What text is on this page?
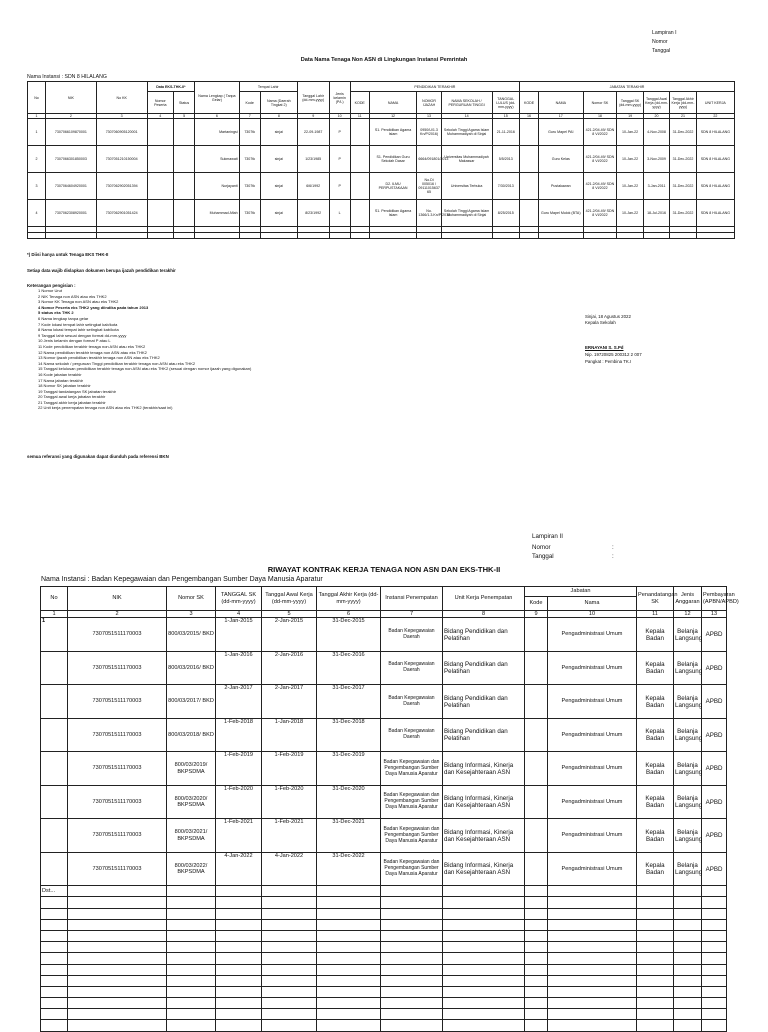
Lampiran I
Nomor
Tanggal
Data Nama Tenaga Non ASN di Lingkungan Instansi Pemrintah
Nama Instansi : SDN 8 HILALANG
No	NIK	No KK	Data EKS-THK-II*		Nama Lengkap ( Tanpa Gelar)	Tempat Lahir		Tanggal Lahir (dd-mm-yyyy)	Jenis kelamin (P/L)	PENDIDIKAN TERAKHIR					JABATAN TERAKHIR						
			Nomor Peserta	Status		Kode	Nama (Daerah Tingkat 2)			KODE	NAMA	NOMOR IJAZAH	NAMA SEKOLAH / PERGURUAN TINGGI	TANGGAL LULUS (dd-mm-yyyy)	KODE	NAMA	Nomor SK	Tanggal SK (dd-mm-yyyy)	Tanggal Awal Kerja (dd-mm-yyyy)	Tanggal Akhir Kerja (dd-mm-yyyy)	UNIT KERJA
1	2	3	4	5	6	7	8	9	10	11	12	13	14	15	16	17	18	19	20	21	22
1	7307066109870001	7307060905120001			Martaningsi	7307tk	sinjai	22-09-1987	P		S1. Pendidikan Agama Islam	0950/U/1.3 Kn/P/2016)	Sekolah Tinggi Agama Islam Muhammadiyah di Sinjai	21-11-2016		Guru Mapel PAI	421.2/04.49/ SDN 8 VI/2022	10-Jan-22	4-Nov-2008	31-Dec-2022	SDN 8 HILALANG
2	7307066301850003	7307051210150004			Sukmawati	7307tk	sinjai	1/23/1985	P		S1. Pendidikan Guru Sekolah Dasar	6664/091801/2013	Universitas Muhammadiyah Makassar	5/5/2013		Guru Kelas	421.2/04.49/ SDN 8 VI/2022	10-Jan-22	3-Nov-2009	31-Dec-2022	SDN 8 HILALANG
3	7307064604920001	7307062902051394			Nurjayanti	7307tk	sinjai	6/6/1992	P		D2. ILMU PERPUSTAKAAN	No.Di 005016 / 09111015637 65	Universitas Terbuka	7/30/2013		Pustakawan	421.2/04.49/ SDN 8 VI/2022	10-Jan-22	3-Jan-2011	31-Dec-2022	SDN 8 HILALANG
4	7307062308920001	7307062901051424			Muhammad Aflah	7307tk	sinjai	8/23/1992	L		S1. Pendidikan Agama Islam	No. 1366/1.3.Kn/P/2015	Sekolah Tinggi Agama Islam Muhammadiyah di Sinjai	8/25/2015		Guru Mapel Mulok (BTA)	421.2/04.49/ SDN 8 VI/2022	10-Jan-22	18-Jul-2016	31-Dec-2022	SDN 8 HILALANG

*) Diisi hanya untuk Tenaga EKS THK-II
Setiap data wajib dislapkan dokumen berupa ijazah pendidikan terakhir
Keterangan pengisian :
1 Nomor Urut
2 NIK Tenaga non ASN atau eks THK2
3 Nomor KK Tenaga non ASN atau eks THK2
4 Nomor Peserta eks THK2 yang diindika pada tahun 2013
5 status eks THK 2
6 Nama lengkap tanpa gelar
7 Kode lokasi tempat lahir setingkat kab/kota
8 Nama lokasi tempat lahir setingkat kab/kota
9 Tanggal lahir sesuai dengan format dd-mm-yyyy
10 Jenis kelamin dengan format P atau L
11 Kode pendidikan terakhir tenaga non ASN atau eks THK2
12 Nama pendidikan terakhir tenaga non ASN atau eks THK2
13 Nomor ijazah pendidikan terakhir tenaga non ASN atau eks THK2
14 Nama sekolah / perguruan Tinggi pendidikan terakhir tenaga non ASN atau eks THK2
15 Tanggal kelulusan pendidikan terakhir tenaga non ASN atau eks THK2 (sesuai dengan nomor ijazah yang digunakan)
16 Kode jabatan terakhir
17 Nama jabatan terakhir
18 Nomor SK jabatan terakhir
19 Tanggal tandatangan SK jabatan terakhir
20 Tanggal awal kerja jabatan terakhir
21 Tanggal akhir kerja jabatan terakhir
22 Unit kerja penempatan tenaga non ASN atau eks THK2 (terakhir/saat ini)
semua referansi yang digunakan dapat diunduh pada referensi BKN
Sinjai, 18 Agustus 2022
Kepala Sekolah
ERNAYANI S. S.Pd
Nip. 19720825 200312 2 007
Pangkat : Pembina TK.I
Lampiran II
Nomor	:
Tanggal	:
RIWAYAT KONTRAK KERJA TENAGA NON ASN DAN EKS-THK-II
Nama Instansi : Badan Kepegawaian dan Pengembangan Sumber Daya Manusia Aparatur
No	NIK	Nomor SK	TANGGAL SK (dd-mm-yyyy)	Tanggal Awal Kerja (dd-mm-yyyy)	Tanggal Akhir Kerja (dd-mm-yyyy)	Instansi Penempatan	Unit Kerja Penempatan	Jabatan		Penandatangan SK	Jenis Anggaran	Pembayaran (APBN/APBD)
								Kode	Nama			
1	2	3	4	5	6	7	8	9	10	11	12	13
1	7307051511170003	800/03/2015/ BKD	1-Jan-2015	2-Jan-2015	31-Dec-2015	Badan Kepegawaian Daerah	Bidang Pendidikan dan Pelatihan		Pengadministrasi Umum	Kepala Badan	Belanja Langsung	APBD
	7307051511170003	800/03/2016/ BKD	1-Jan-2016	2-Jan-2016	31-Dec-2016	Badan Kepegawaian Daerah	Bidang Pendidikan dan Pelatihan		Pengadministrasi Umum	Kepala Badan	Belanja Langsung	APBD
	7307051511170003	800/03/2017/ BKD	2-Jan-2017	2-Jan-2017	31-Dec-2017	Badan Kepegawaian Daerah	Bidang Pendidikan dan Pelatihan		Pengadministrasi Umum	Kepala Badan	Belanja Langsung	APBD
	7307051511170003	800/03/2018/ BKD	1-Feb-2018	1-Jan-2018	31-Dec-2018	Badan Kepegawaian Daerah	Bidang Pendidikan dan Pelatihan		Pengadministrasi Umum	Kepala Badan	Belanja Langsung	APBD
	7307051511170003	800/03/2019/ BKPSDMA	1-Feb-2019	1-Feb-2019	31-Dec-2019	Badan Kepegawaian dan Pengembangan Sumber Daya Manusia Aparatur	Bidang Informasi, Kinerja dan Kesejahteraan ASN		Pengadministrasi Umum	Kepala Badan	Belanja Langsung	APBD
	7307051511170003	800/03/2020/ BKPSDMA	1-Feb-2020	1-Feb-2020	31-Dec-2020	Badan Kepegawaian dan Pengembangan Sumber Daya Manusia Aparatur	Bidang Informasi, Kinerja dan Kesejahteraan ASN		Pengadministrasi Umum	Kepala Badan	Belanja Langsung	APBD
	7307051511170003	800/03/2021/ BKPSDMA	1-Feb-2021	1-Feb-2021	31-Dec-2021	Badan Kepegawaian dan Pengembangan Sumber Daya Manusia Aparatur	Bidang Informasi, Kinerja dan Kesejahteraan ASN		Pengadministrasi Umum	Kepala Badan	Belanja Langsung	APBD
	7307051511170003	800/03/2022/ BKPSDMA	4-Jan-2022	4-Jan-2022	31-Dec-2022	Badan Kepegawaian dan Pengembangan Sumber Daya Manusia Aparatur	Bidang Informasi, Kinerja dan Kesejahteraan ASN		Pengadministrasi Umum	Kepala Badan	Belanja Langsung	APBD
Dst...												
